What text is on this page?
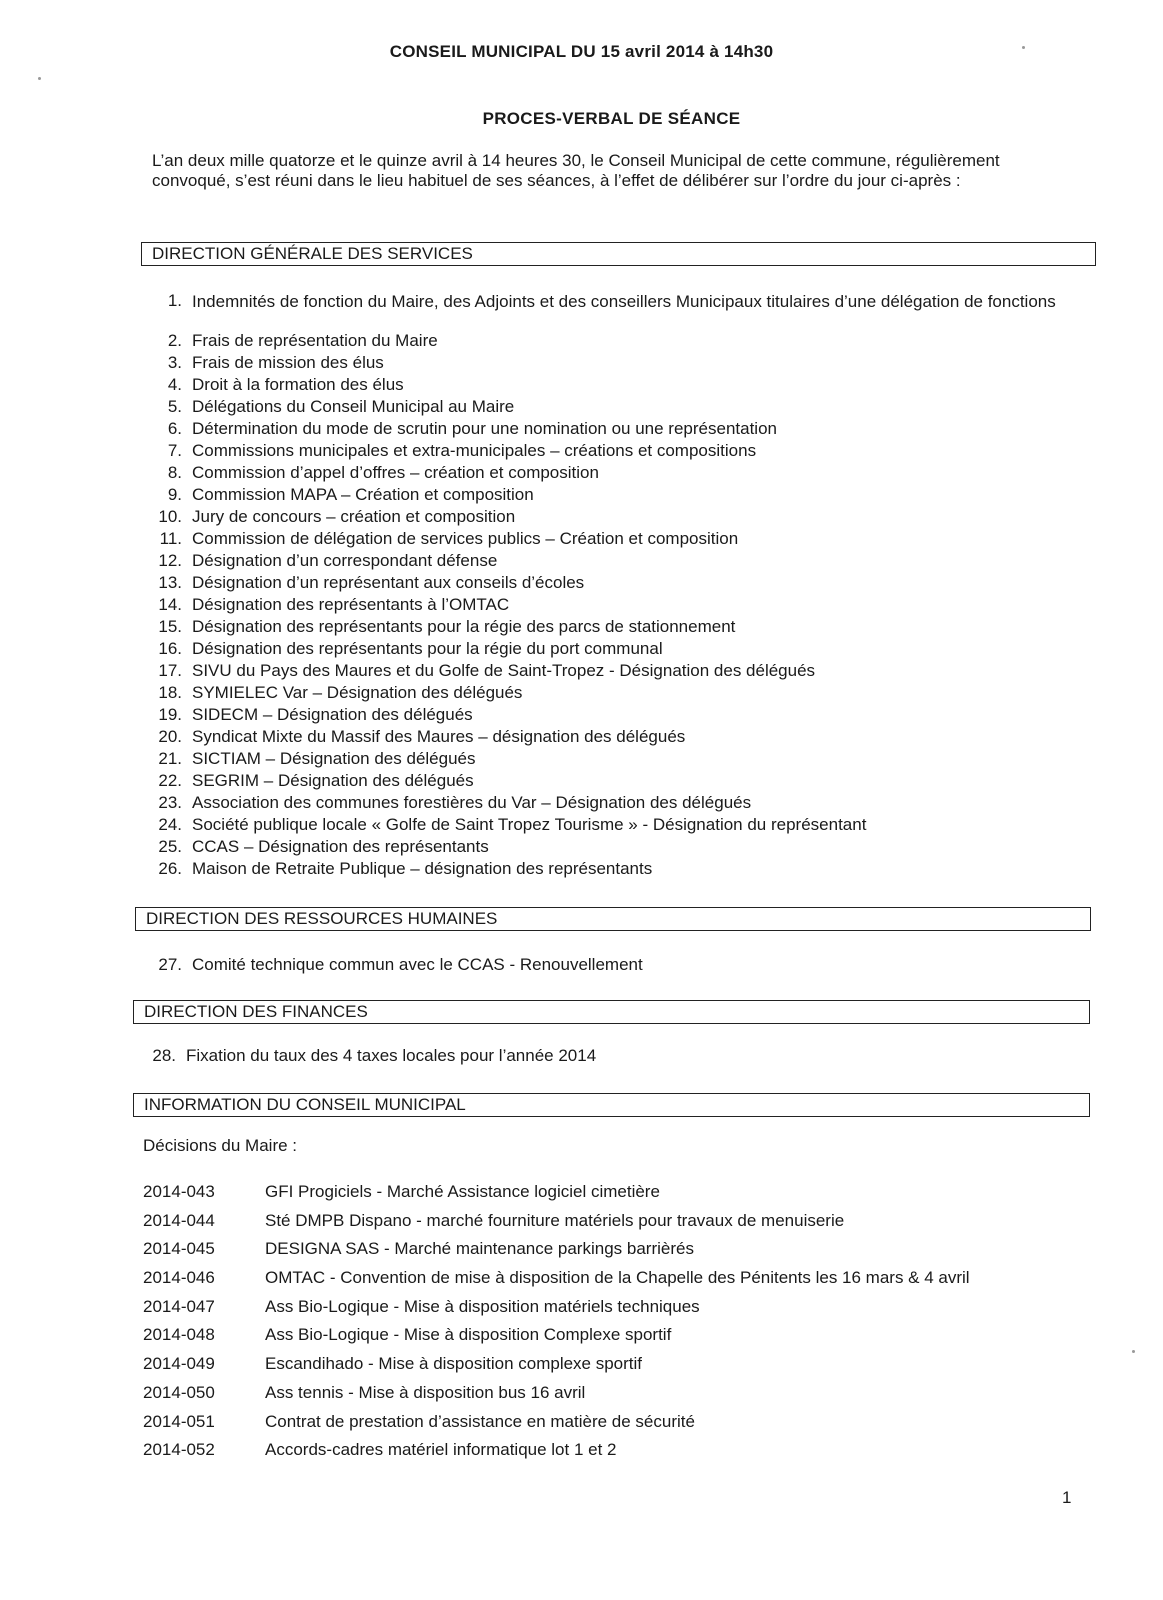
CONSEIL MUNICIPAL DU 15 avril 2014 à 14h30
PROCES-VERBAL DE SÉANCE
L’an deux mille quatorze et le quinze avril à 14 heures 30, le Conseil Municipal de cette commune, régulièrement convoqué, s’est réuni dans le lieu habituel de ses séances, à l’effet de délibérer sur l’ordre du jour ci-après :
DIRECTION GÉNÉRALE DES SERVICES
1. Indemnités de fonction du Maire, des Adjoints et des conseillers Municipaux titulaires d’une délégation de fonctions
2. Frais de représentation du Maire
3. Frais de mission des élus
4. Droit à la formation des élus
5. Délégations du Conseil Municipal au Maire
6. Détermination du mode de scrutin pour une nomination ou une représentation
7. Commissions municipales et extra-municipales – créations et compositions
8. Commission d’appel d’offres – création et composition
9. Commission MAPA – Création et composition
10. Jury de concours – création et composition
11. Commission de délégation de services publics – Création et composition
12. Désignation d’un correspondant défense
13. Désignation d’un représentant aux conseils d’écoles
14. Désignation des représentants à l’OMTAC
15. Désignation des représentants pour la régie des parcs de stationnement
16. Désignation des représentants pour la régie du port communal
17. SIVU du Pays des Maures et du Golfe de Saint-Tropez - Désignation des délégués
18. SYMIELEC Var – Désignation des délégués
19. SIDECM – Désignation des délégués
20. Syndicat Mixte du Massif des Maures – désignation des délégués
21. SICTIAM – Désignation des délégués
22. SEGRIM – Désignation des délégués
23. Association des communes forestières du Var – Désignation des délégués
24. Société publique locale « Golfe de Saint Tropez Tourisme » - Désignation du représentant
25. CCAS – Désignation des représentants
26. Maison de Retraite Publique – désignation des représentants
DIRECTION DES RESSOURCES HUMAINES
27. Comité technique commun avec le CCAS - Renouvellement
DIRECTION DES FINANCES
28. Fixation du taux des 4 taxes locales pour l’année 2014
INFORMATION DU CONSEIL MUNICIPAL
Décisions du Maire :
2014-043	GFI Progiciels - Marché Assistance logiciel cimetière
2014-044	Sté DMPB Dispano - marché fourniture matériels pour travaux de menuiserie
2014-045	DESIGNA SAS - Marché maintenance parkings barrièrés
2014-046	OMTAC - Convention de mise à disposition de la Chapelle des Pénitents les 16 mars & 4 avril
2014-047	Ass Bio-Logique - Mise à disposition matériels techniques
2014-048	Ass Bio-Logique - Mise à disposition Complexe sportif
2014-049	Escandihado - Mise à disposition complexe sportif
2014-050	Ass tennis - Mise à disposition bus 16 avril
2014-051	Contrat de prestation d’assistance en matière de sécurité
2014-052	Accords-cadres matériel informatique lot 1 et 2
1
